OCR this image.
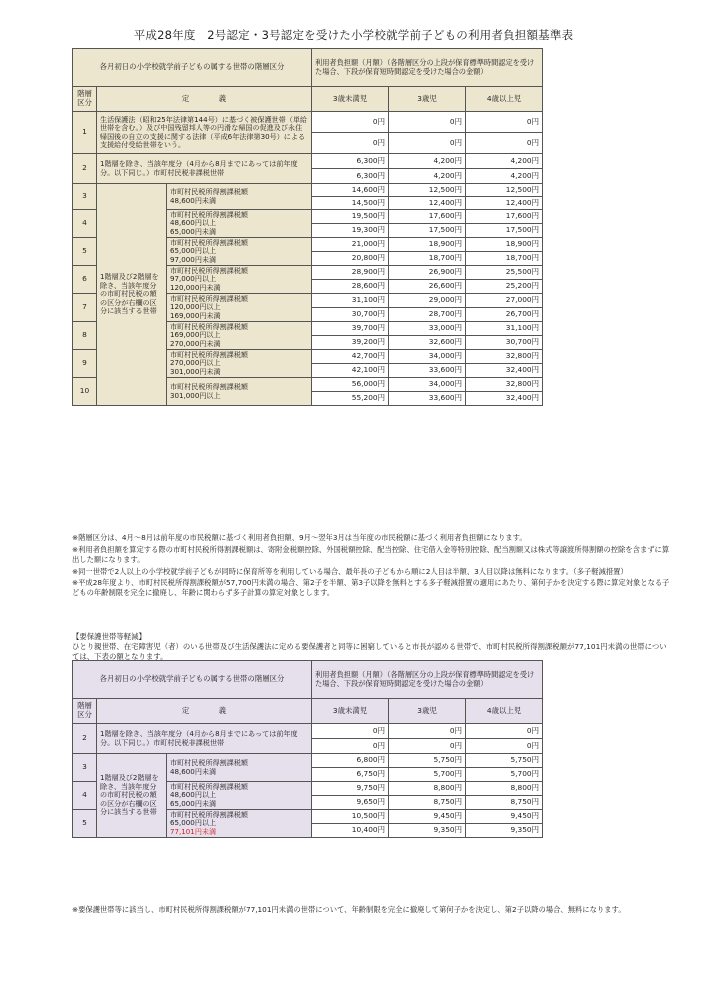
平成28年度　2号認定・3号認定を受けた小学校就学前子どもの利用者負担額基準表
各月初日の小学校就学前子どもの属する世帯の階層区分			利用者負担額（月額）（各階層区分の上段が保育標準時間認定を受けた場合、下段が保育短時間認定を受けた場合の金額）		
階層区分	定　　　　義		3歳未満児	3歳児	4歳以上児
1	生活保護法（昭和25年法律第144号）に基づく被保護世帯（単給世帯を含む。）及び中国残留邦人等の円滑な帰国の促進及び永住帰国後の自立の支援に関する法律（平成6年法律第30号）による支援給付受給世帯をいう。		0円	0円	0円
			0円	0円	0円
2	1階層を除き、当該年度分（4月から8月までにあっては前年度分。以下同じ。）市町村民税非課税世帯		6,300円	4,200円	4,200円
			6,300円	4,200円	4,200円
3	1階層及び2階層を除き、当該年度分の市町村民税の額の区分が右欄の区分に該当する世帯	市町村民税所得割課税額
48,600円未満	14,600円	12,500円	12,500円
			14,500円	12,400円	12,400円
4		市町村民税所得割課税額
48,600円以上
65,000円未満	19,500円	17,600円	17,600円
			19,300円	17,500円	17,500円
5		市町村民税所得割課税額
65,000円以上
97,000円未満	21,000円	18,900円	18,900円
			20,800円	18,700円	18,700円
6		市町村民税所得割課税額
97,000円以上
120,000円未満	28,900円	26,900円	25,500円
			28,600円	26,600円	25,200円
7		市町村民税所得割課税額
120,000円以上
169,000円未満	31,100円	29,000円	27,000円
			30,700円	28,700円	26,700円
8		市町村民税所得割課税額
169,000円以上
270,000円未満	39,700円	33,000円	31,100円
			39,200円	32,600円	30,700円
9		市町村民税所得割課税額
270,000円以上
301,000円未満	42,700円	34,000円	32,800円
			42,100円	33,600円	32,400円
10		市町村民税所得割課税額
301,000円以上	56,000円	34,000円	32,800円
			55,200円	33,600円	32,400円

※階層区分は、4月～8月は前年度の市民税額に基づく利用者負担額、9月～翌年3月は当年度の市民税額に基づく利用者負担額になります。

※利用者負担額を算定する際の市町村民税所得割課税額は、寄附金税額控除、外国税額控除、配当控除、住宅借入金等特別控除、配当割額又は株式等譲渡所得割額の控除を含まずに算出した額になります。

※同一世帯で2人以上の小学校就学前子どもが同時に保育所等を利用している場合、最年長の子どもから順に2人目は半額、3人目以降は無料になります。（多子軽減措置）

※平成28年度より、市町村民税所得割課税額が57,700円未満の場合、第2子を半額、第3子以降を無料とする多子軽減措置の適用にあたり、第何子かを決定する際に算定対象となる子どもの年齢制限を完全に撤廃し、年齢に関わらず多子計算の算定対象とします。

【要保護世帯等軽減】
ひとり親世帯、在宅障害児（者）のいる世帯及び生活保護法に定める要保護者と同等に困窮していると市長が認める世帯で、市町村民税所得割課税額が77,101円未満の世帯については、下表の額となります。
各月初日の小学校就学前子どもの属する世帯の階層区分			利用者負担額（月額）（各階層区分の上段が保育標準時間認定を受けた場合、下段が保育短時間認定を受けた場合の金額）		
階層区分	定　　　　義		3歳未満児	3歳児	4歳以上児
2	1階層を除き、当該年度分（4月から8月までにあっては前年度分。以下同じ。）市町村民税非課税世帯		0円	0円	0円
			0円	0円	0円
3	1階層及び2階層を除き、当該年度分の市町村民税の額の区分が右欄の区分に該当する世帯	市町村民税所得割課税額
48,600円未満	6,800円	5,750円	5,750円
			6,750円	5,700円	5,700円
4		市町村民税所得割課税額
48,600円以上
65,000円未満	9,750円	8,800円	8,800円
			9,650円	8,750円	8,750円
5		市町村民税所得割課税額
65,000円以上
77,101円未満	10,500円	9,450円	9,450円
			10,400円	9,350円	9,350円

※要保護世帯等に該当し、市町村民税所得割課税額が77,101円未満の世帯について、年齢制限を完全に撤廃して第何子かを決定し、第2子以降の場合、無料になります。
